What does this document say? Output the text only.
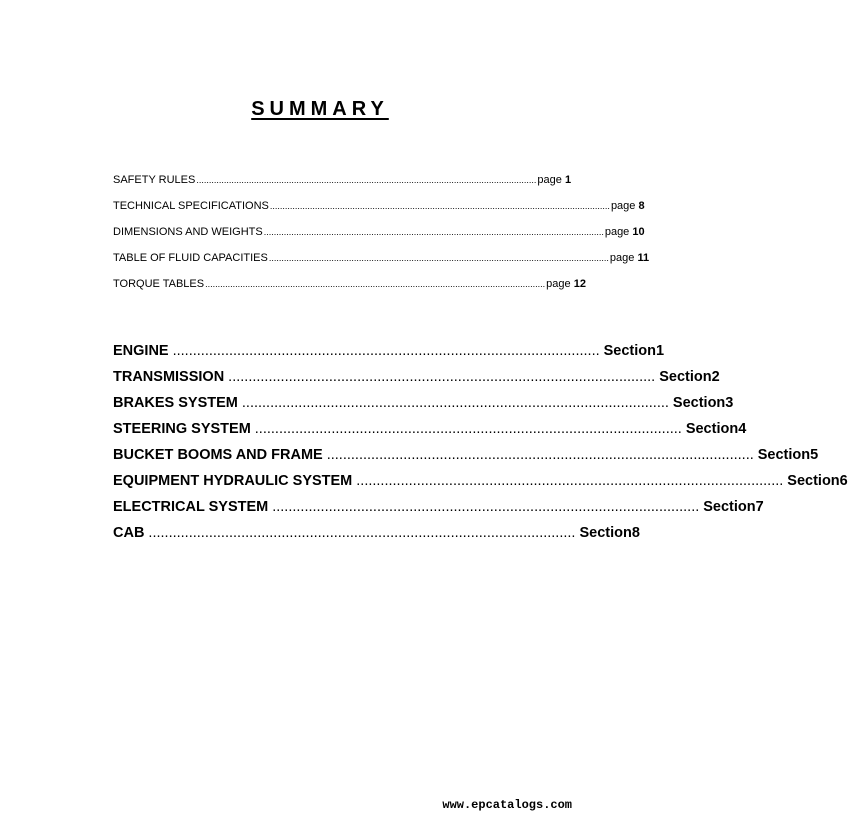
SUMMARY
SAFETY RULES ........................................................................................................................................ page 1
TECHNICAL SPECIFICATIONS ........................................................................................................................................ page 8
DIMENSIONS AND WEIGHTS ........................................................................................................................................ page 10
TABLE OF FLUID CAPACITIES ........................................................................................................................................ page 11
TORQUE TABLES ........................................................................................................................................ page 12
ENGINE .......................................................................................................... Section 1
TRANSMISSION .......................................................................................................... Section 2
BRAKES SYSTEM .......................................................................................................... Section 3
STEERING SYSTEM .......................................................................................................... Section 4
BUCKET BOOMS AND FRAME .......................................................................................................... Section 5
EQUIPMENT HYDRAULIC SYSTEM .......................................................................................................... Section 6
ELECTRICAL SYSTEM .......................................................................................................... Section 7
CAB .......................................................................................................... Section 8
www.epcatalogs.com
